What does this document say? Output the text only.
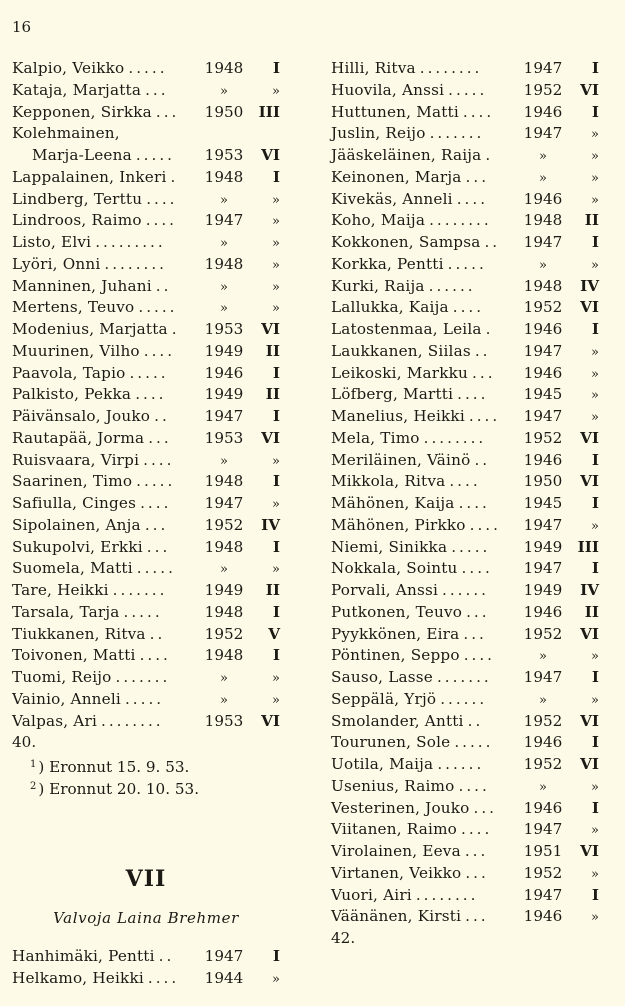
16
Kalpio, Veikko .....	1948	I
Kataja, Marjatta ...	»	»
Kepponen, Sirkka ...	1950	III
Kolehmainen,
Marja-Leena .....	1953	VI
Lappalainen, Inkeri .	1948	I
Lindberg, Terttu ....	»	»
Lindroos, Raimo ....	1947	»
Listo, Elvi .........	»	»
Lyöri, Onni ........	1948	»
Manninen, Juhani ..	»	»
Mertens, Teuvo .....	»	»
Modenius, Marjatta .	1953	VI
Muurinen, Vilho ....	1949	II
Paavola, Tapio .....	1946	I
Palkisto, Pekka ....	1949	II
Päivänsalo, Jouko ..	1947	I
Rautapää, Jorma ...	1953	VI
Ruisvaara, Virpi ....	»	»
Saarinen, Timo .....	1948	I
Safiulla, Cinges ....	1947	»
Sipolainen, Anja ...	1952	IV
Sukupolvi, Erkki ...	1948	I
Suomela, Matti .....	»	»
Tare, Heikki .......	1949	II
Tarsala, Tarja .....	1948	I
Tiukkanen, Ritva ..	1952	V
Toivonen, Matti ....	1948	I
Tuomi, Reijo .......	»	»
Vainio, Anneli .....	»	»
Valpas, Ari ........	1953	VI
40.
$^1$ ) Eronnut 15. 9. 53.
$^2$ ) Eronnut 20. 10. 53.
VII
Valvoja Laina Brehmer
Hanhimäki, Pentti ..	1947	I
Helkamo, Heikki ....	1944	»
Hilli, Ritva ........	1947	I
Huovila, Anssi .....	1952	VI
Huttunen, Matti ....	1946	I
Juslin, Reijo .......	1947	»
Jääskeläinen, Raija .	»	»
Keinonen, Marja ...	»	»
Kivekäs, Anneli ....	1946	»
Koho, Maija ........	1948	II
Kokkonen, Sampsa ..	1947	I
Korkka, Pentti .....	»	»
Kurki, Raija ......	1948	IV
Lallukka, Kaija ....	1952	VI
Latostenmaa, Leila .	1946	I
Laukkanen, Siilas ..	1947	»
Leikoski, Markku ...	1946	»
Löfberg, Martti ....	1945	»
Manelius, Heikki ....	1947	»
Mela, Timo ........	1952	VI
Meriläinen, Väinö ..	1946	I
Mikkola, Ritva ....	1950	VI
Mähönen, Kaija ....	1945	I
Mähönen, Pirkko ....	1947	»
Niemi, Sinikka .....	1949	III
Nokkala, Sointu ....	1947	I
Porvali, Anssi ......	1949	IV
Putkonen, Teuvo ...	1946	II
Pyykkönen, Eira ...	1952	VI
Pöntinen, Seppo ....	»	»
Sauso, Lasse .......	1947	I
Seppälä, Yrjö ......	»	»
Smolander, Antti ..	1952	VI
Tourunen, Sole .....	1946	I
Uotila, Maija ......	1952	VI
Usenius, Raimo ....	»	»
Vesterinen, Jouko ...	1946	I
Viitanen, Raimo ....	1947	»
Virolainen, Eeva ...	1951	VI
Virtanen, Veikko ...	1952	»
Vuori, Airi ........	1947	I
Väänänen, Kirsti ...	1946	»
42.
